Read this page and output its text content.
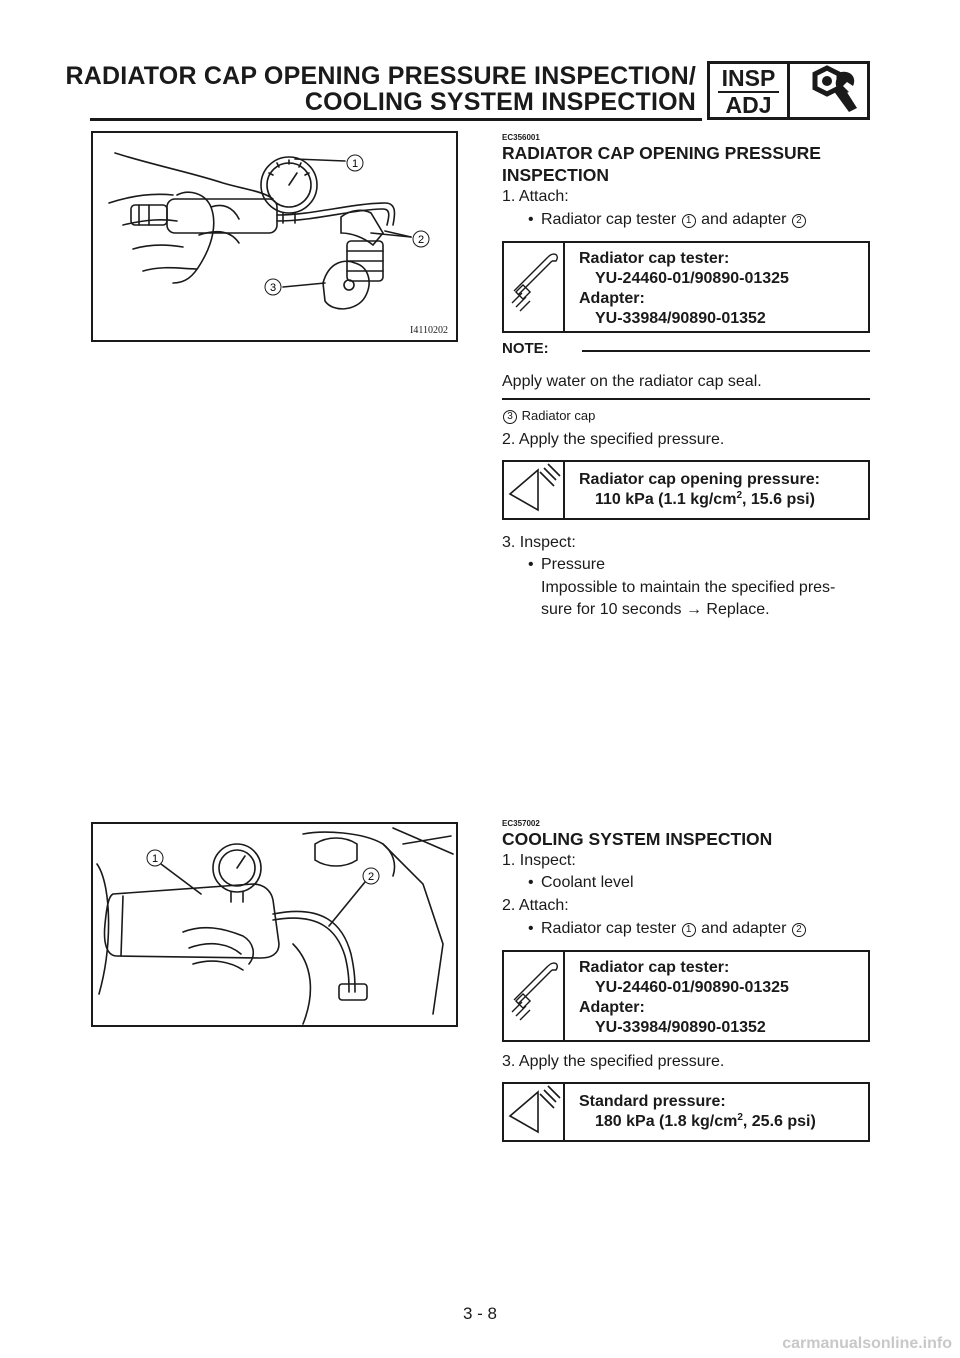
RADIATOR CAP OPENING PRESSURE INSPECTION/
COOLING SYSTEM INSPECTION
INSP
ADJ
1
2
3
I4110202
1
2
EC356001
RADIATOR CAP OPENING PRESSURE
INSPECTION
1. Attach:
• Radiator cap tester 1 and adapter 2
Radiator cap tester:
YU-24460-01/90890-01325
Adapter:
YU-33984/90890-01352
NOTE:
Apply water on the radiator cap seal.
3 Radiator cap
2. Apply the specified pressure.
Radiator cap opening pressure:
110 kPa (1.1 $kg/cm^2$, 15.6 psi)
3. Inspect:
• Pressure
Impossible to maintain the specified pres-
sure for 10 seconds → Replace.
EC357002
COOLING SYSTEM INSPECTION
1. Inspect:
• Coolant level
2. Attach:
• Radiator cap tester 1 and adapter 2
Radiator cap tester:
YU-24460-01/90890-01325
Adapter:
YU-33984/90890-01352
3. Apply the specified pressure.
Standard pressure:
180 kPa (1.8 $kg/cm^2$, 25.6 psi)
3 - 8
carmanualsonline.info
